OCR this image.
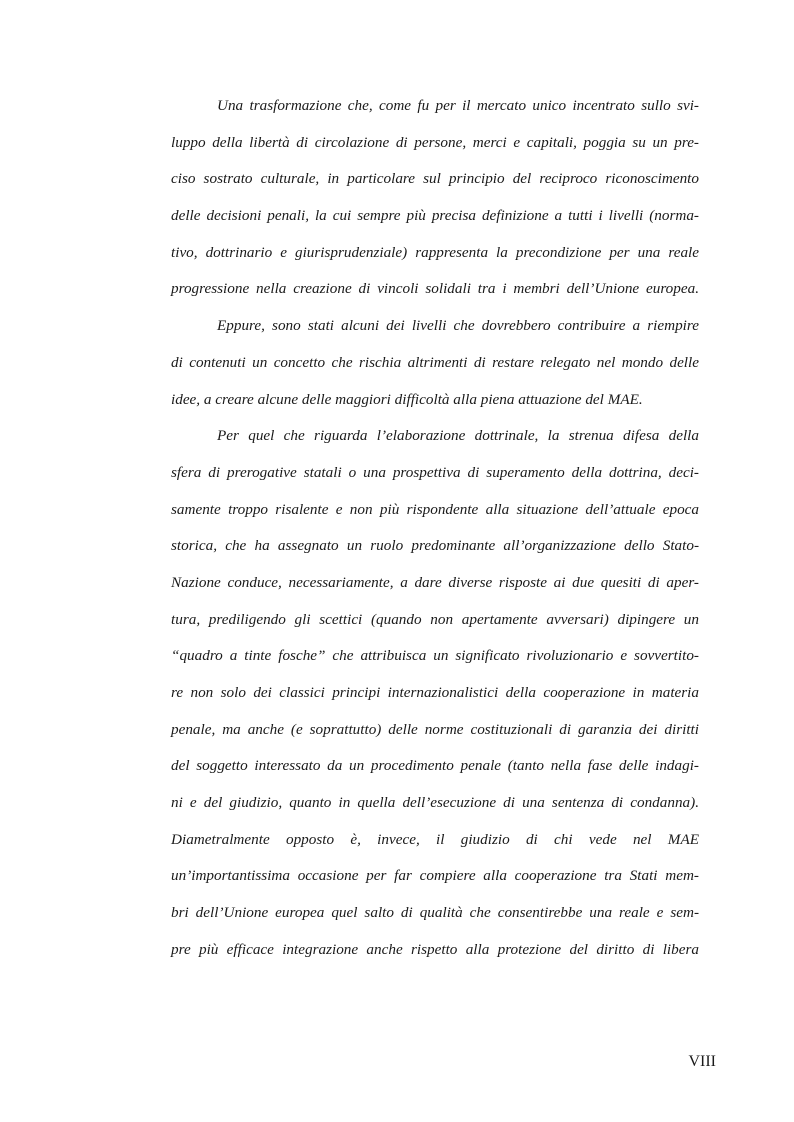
Una trasformazione che, come fu per il mercato unico incentrato sullo svi-
luppo della libertà di circolazione di persone, merci e capitali, poggia su un pre-
ciso sostrato culturale, in particolare sul principio del reciproco riconoscimento
delle decisioni penali, la cui sempre più precisa definizione a tutti i livelli (norma-
tivo, dottrinario e giurisprudenziale) rappresenta la precondizione per una reale
progressione nella creazione di vincoli solidali tra i membri dell’Unione europea.
Eppure, sono stati alcuni dei livelli che dovrebbero contribuire a riempire
di contenuti un concetto che rischia altrimenti di restare relegato nel mondo delle
idee, a creare alcune delle maggiori difficoltà alla piena attuazione del MAE.
Per quel che riguarda l’elaborazione dottrinale, la strenua difesa della
sfera di prerogative statali o una prospettiva di superamento della dottrina, deci-
samente troppo risalente e non più rispondente alla situazione dell’attuale epoca
storica, che ha assegnato un ruolo predominante all’organizzazione dello Stato-
Nazione conduce, necessariamente, a dare diverse risposte ai due quesiti di aper-
tura, prediligendo gli scettici (quando non apertamente avversari) dipingere un
“quadro a tinte fosche” che attribuisca un significato rivoluzionario e sovvertito-
re non solo dei classici principi internazionalistici della cooperazione in materia
penale, ma anche (e soprattutto) delle norme costituzionali di garanzia dei diritti
del soggetto interessato da un procedimento penale (tanto nella fase delle indagi-
ni e del giudizio, quanto in quella dell’esecuzione di una sentenza di condanna).
Diametralmente opposto è, invece, il giudizio di chi vede nel MAE
un’importantissima occasione per far compiere alla cooperazione tra Stati mem-
bri dell’Unione europea quel salto di qualità che consentirebbe una reale e sem-
pre più efficace integrazione anche rispetto alla protezione del diritto di libera
VIII
